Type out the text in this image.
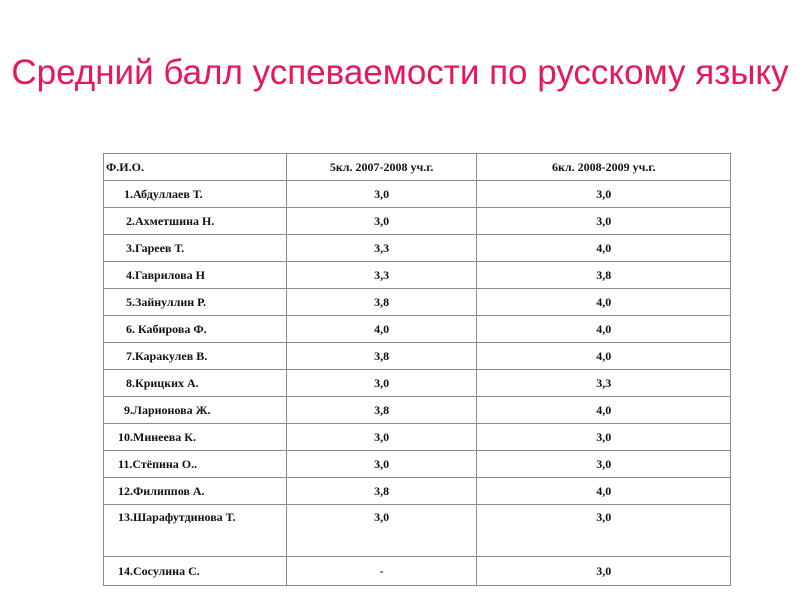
Средний балл успеваемости по русскому языку
Ф.И.О.	5кл. 2007-2008 уч.г.	6кл. 2008-2009 уч.г.
1.Абдуллаев Т.	3,0	3,0
2.Ахметшина Н.	3,0	3,0
3.Гареев Т.	3,3	4,0
4.Гаврилова Н	3,3	3,8
5.Зайнуллин Р.	3,8	4,0
6. Кабирова Ф.	4,0	4,0
7.Каракулев В.	3,8	4,0
8.Крицких А.	3,0	3,3
9.Ларионова Ж.	3,8	4,0
10.Минеева К.	3,0	3,0
11.Стёпина О..	3,0	3,0
12.Филиппов А.	3,8	4,0
13.Шарафутдинова Т.	3,0	3,0
14.Сосулина С.	-	3,0
